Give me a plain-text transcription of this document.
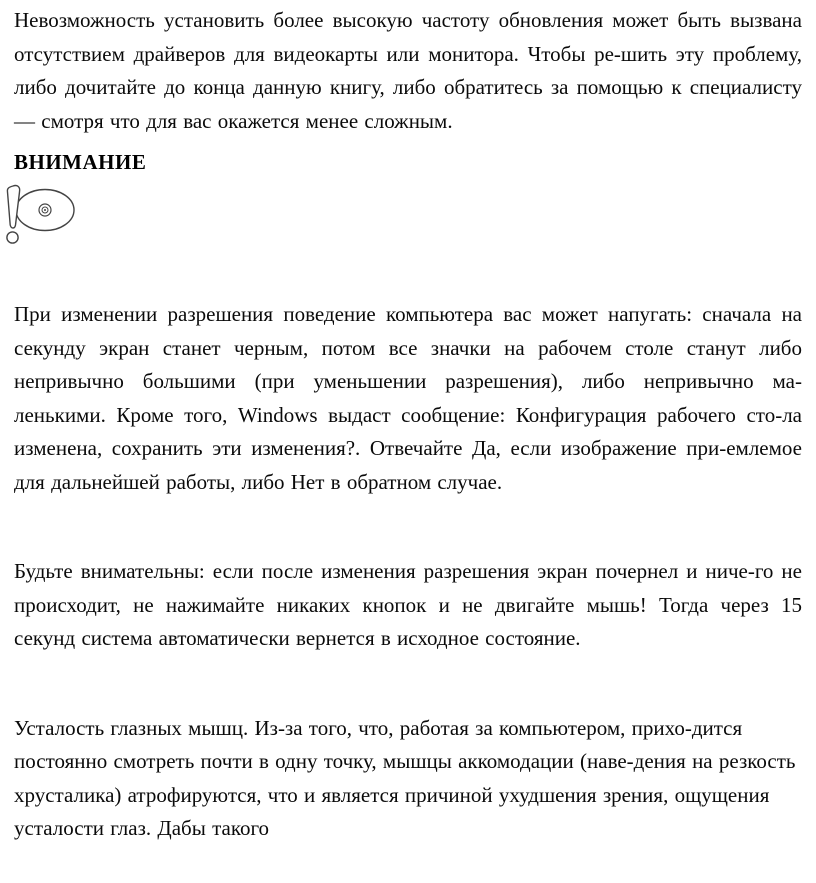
Невозможность установить более высокую частоту обновления может быть вызвана отсутствием драйверов для видеокарты или монитора. Чтобы ре-шить эту проблему, либо дочитайте до конца данную книгу, либо обратитесь за помощью к специалисту — смотря что для вас окажется менее сложным.

ВНИМАНИЕ

При изменении разрешения поведение компьютера вас может напугать: сначала на секунду экран станет черным, потом все значки на рабочем столе станут либо непривычно большими (при уменьшении разрешения), либо непривычно ма-ленькими. Кроме того, Windows выдаст сообщение: Конфигурация рабочего сто-ла изменена, сохранить эти изменения?. Отвечайте Да, если изображение при-емлемое для дальнейшей работы, либо Нет в обратном случае.

Будьте внимательны: если после изменения разрешения экран почернел и ниче-го не происходит, не нажимайте никаких кнопок и не двигайте мышь! Тогда через 15 секунд система автоматически вернется в исходное состояние.

Усталость глазных мышц. Из-за того, что, работая за компьютером, прихо-дится постоянно смотреть почти в одну точку, мышцы аккомодации (наве-дения на резкость хрусталика) атрофируются, что и является причиной ухудшения зрения, ощущения усталости глаз. Дабы такого
